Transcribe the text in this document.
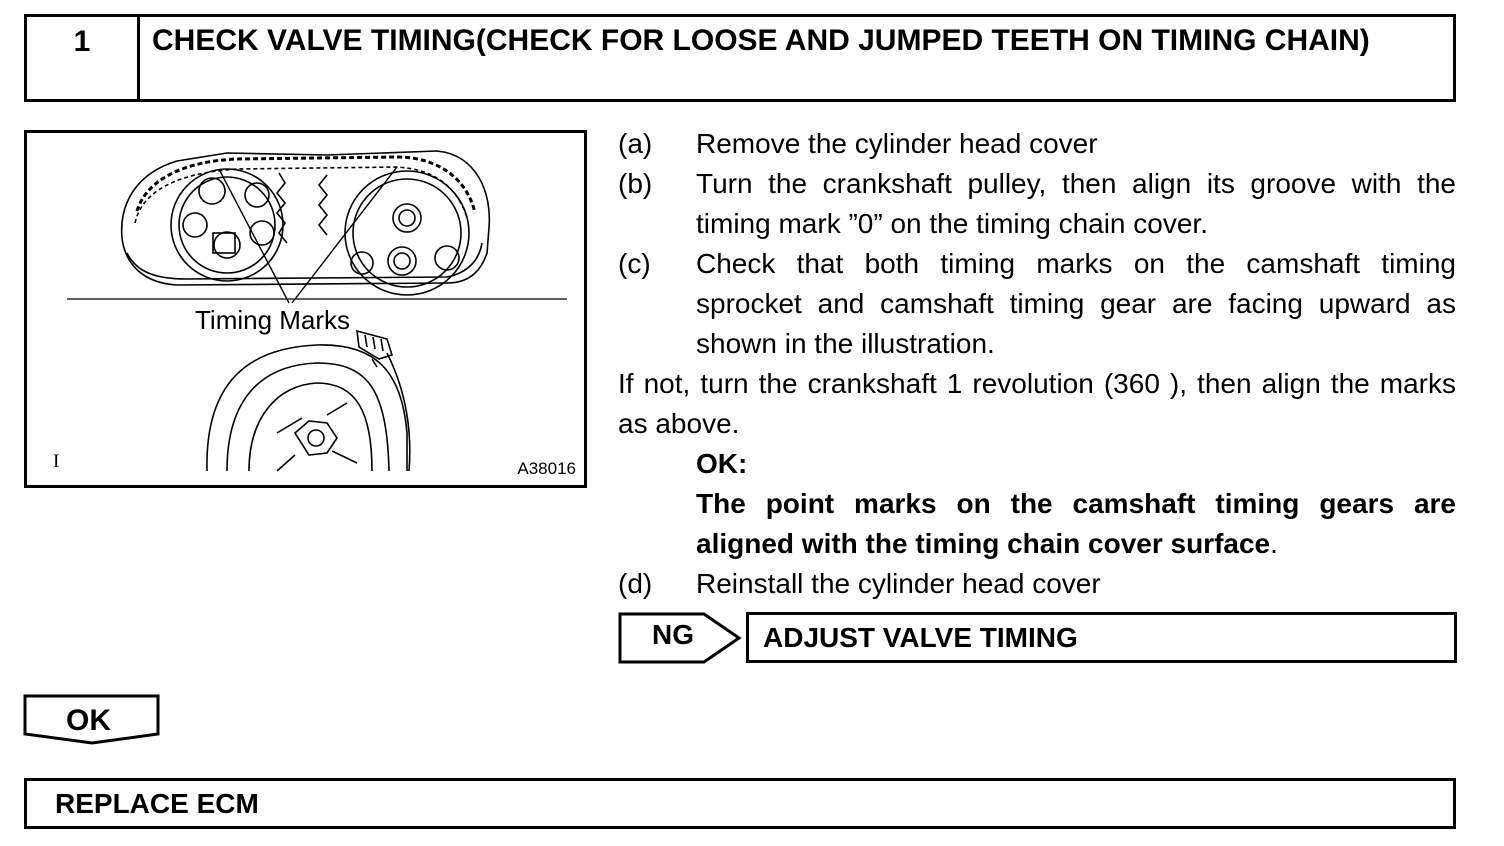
1	CHECK VALVE TIMING(CHECK FOR LOOSE AND JUMPED TEETH ON TIMING CHAIN)
Timing Marks
I	A38016
(a)	Remove the cylinder head cover
(b)	Turn the crankshaft pulley, then align its groove with the timing mark ”0” on the timing chain cover.
(c)	Check that both timing marks on the camshaft timing sprocket and camshaft timing gear are facing upward as shown in the illustration.
If not, turn the crankshaft 1 revolution (360 ), then align the marks as above.
OK:
The point marks on the camshaft timing gears are aligned with the timing chain cover surface.
(d)	Reinstall the cylinder head cover
NG ADJUST VALVE TIMING
OK
REPLACE ECM
